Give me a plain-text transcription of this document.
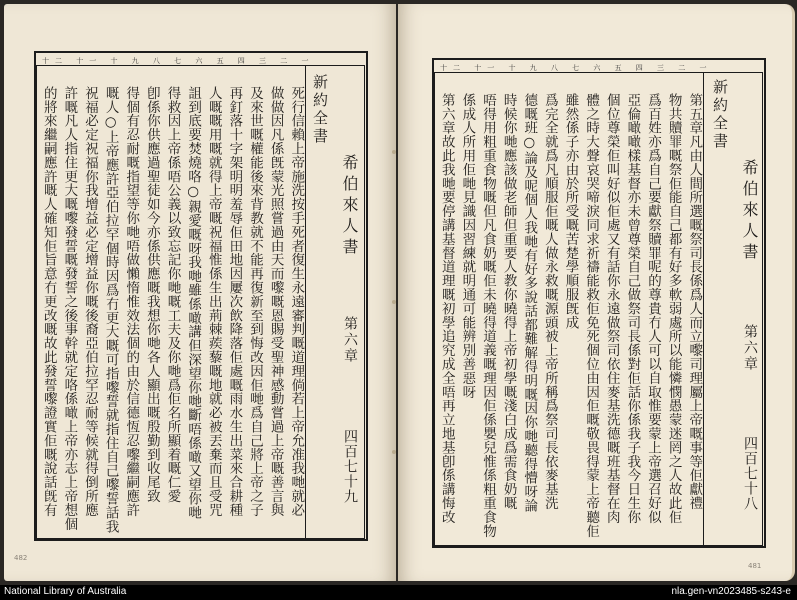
十二 十一 十 九 八 七 六 五 四 三 二 一
死行信賴上帝施洗按手死者復生永遠審判嘅道理倘若上帝允准我哋就必
做做因凡係旣蒙光照嘗過由天而嚟嘅恩賜受聖神感動嘗過上帝嘅善言與
及來世嘅權能後來背教就不能再復新至到悔改因佢哋爲自己將上帝之子
再釘落十字架明明羞辱佢田地因屢次飲降落佢處嘅雨水生出菜來合耕種
人嘅嘅用嘅就得上帝嘅祝福惟係生出荊棘蒺藜嘅地就必被丟棄而且受咒
詛到底要焚燒咯○親愛嘅呀我哋雖係噉講但深望你哋斷唔係噉又望你哋
得救因上帝係唔公義以致忘記你哋嘅工夫及你哋爲佢名所顯着嘅仁愛
卽係你供應過聖徒如今亦係供應嘅我想你哋各人顯出嘅殷勤到收尾致
得個有忍耐嘅指望等你哋唔做懶惰惟效法個的由於信德恆忍嚟繼嗣應許
嘅人○上帝應許亞伯拉罕個時因爲冇更大嘅可指嚟誓就指住自己嚟誓話我
祝福必定祝福你我增益必定增益你嘅後裔亞伯拉罕忍耐等候就得倒所應
許嘅凡人指住更大嘅嚟發誓嘅發誓之後事幹就定咯係噉上帝亦志上帝想個
的將來繼嗣應許嘅人確知佢旨意冇更改嘅故此發誓嚟證實佢嘅說話旣有	新約全書
希伯來人書
第六章
四百七十九
482
十二 十一 十 九 八 七 六 五 四 三 二 一
第五章凡由人間所選嘅祭司長係爲人而立嚟司理屬上帝嘅事等佢獻禮
物共贖罪嘅祭佢能自己都有好多軟弱處所以能憐憫愚蒙迷罔之人故此佢
爲百姓亦爲自己要獻祭贖罪呢的尊貴冇人可以自取惟要蒙上帝選召好似
亞倫噉噉樣基督亦未曾尊榮自己做祭司長係對佢話你係我子我今日生你
個位尊榮佢叫好似佢處又有話你永遠做祭司依住麥基洗德嘅班基督在肉
體之時大聲哀哭啼淚同求祈禱能救佢免死個位由因佢嘅敬畏得蒙上帝聽佢
雖然係子亦由於所受嘅苦楚學順服旣成
爲完全就爲凡順服佢嘅人做永救嘅源頭被上帝所稱爲祭司長依麥基洗
德嘅班○論及呢個人我哋有好多說話都難解得明嘅因你哋聽得懵呀論
時候你哋應該做老師但重要人教你曉得上帝初學嘅淺白成爲需食奶嘅
唔得用粗重食物嘅但凡食奶嘅佢未曉得道義嘅理因佢係嬰兒惟係粗重食物
係成人所用佢哋見識因習練就明通可能辨別善惡呀
第六章故此我哋要停講基督道理嘅初學追究成全唔再立地基卽係講悔改	新約全書
希伯來人書
第六章
四百七十八
481
National Library of Australia	nla.gen-vn2023485-s243-e
